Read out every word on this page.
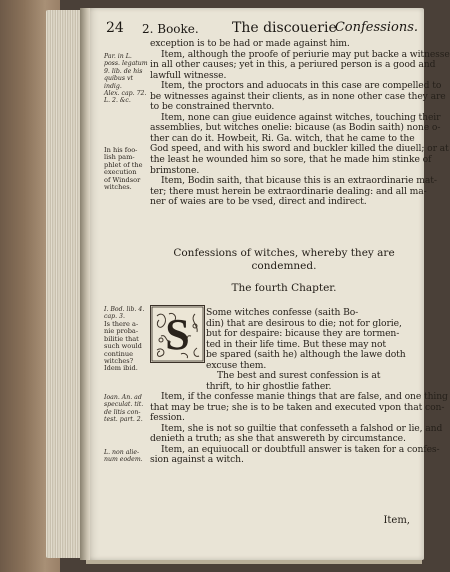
24 2. Booke. The discouerie
Confessions.
exception is to be had or made against him.
Item, although the proofe of periurie may put backe a witnesse
in all other causes; yet in this, a periured person is a good and
lawfull witnesse.
Item, the proctors and aduocats in this case are compelled to
be witnesses against their clients, as in none other case they are
to be constrained thervnto.
Item, none can giue euidence against witches, touching their
assemblies, but witches onelie: bicause (as Bodin saith) none o-
ther can do it. Howbeit, Ri. Ga. witch, that he came to the
God speed, and with his sword and buckler killed the diuell; or at
the least he wounded him so sore, that he made him stinke of
brimstone.
Item, Bodin saith, that bicause this is an extraordinarie mat-
ter; there must herein be extraordinarie dealing: and all ma-
ner of waies are to be vsed, direct and indirect.
Par. in L.
poss. legatum
9. lib. de his
quibus vt
indig.
Alex. cap. 72.
L. 2. &c.
In his foo-
lish pam-
phlet of the
execution
of Windsor
witches.
Confessions of witches, whereby they are condemned.
The fourth Chapter.
I. Bod. lib. 4.
cap. 3.
Is there a-
nie proba-
bilitie that
such would
continue
witches?
Idem ibid.
S Some witches confesse (saith Bo-
din) that are desirous to die; not for glorie,
but for despaire: bicause they are tormen-
ted in their life time. But these may not
be spared (saith he) although the lawe doth
excuse them.
The best and surest confession is at
thrift, to hir ghostlie father.
Item, if the confesse manie things that are false, and one thing
that may be true; she is to be taken and executed vpon that con-
fession.
Item, she is not so guiltie that confesseth a falshod or lie, and
denieth a truth; as she that answereth by circumstance.
Item, an equiuocall or doubtfull answer is taken for a confes-
sion against a witch.
Ioan. An. ad
speculat. tit.
de litis con-
test. part. 2.
L. non alie-
num eodem.
Item,
